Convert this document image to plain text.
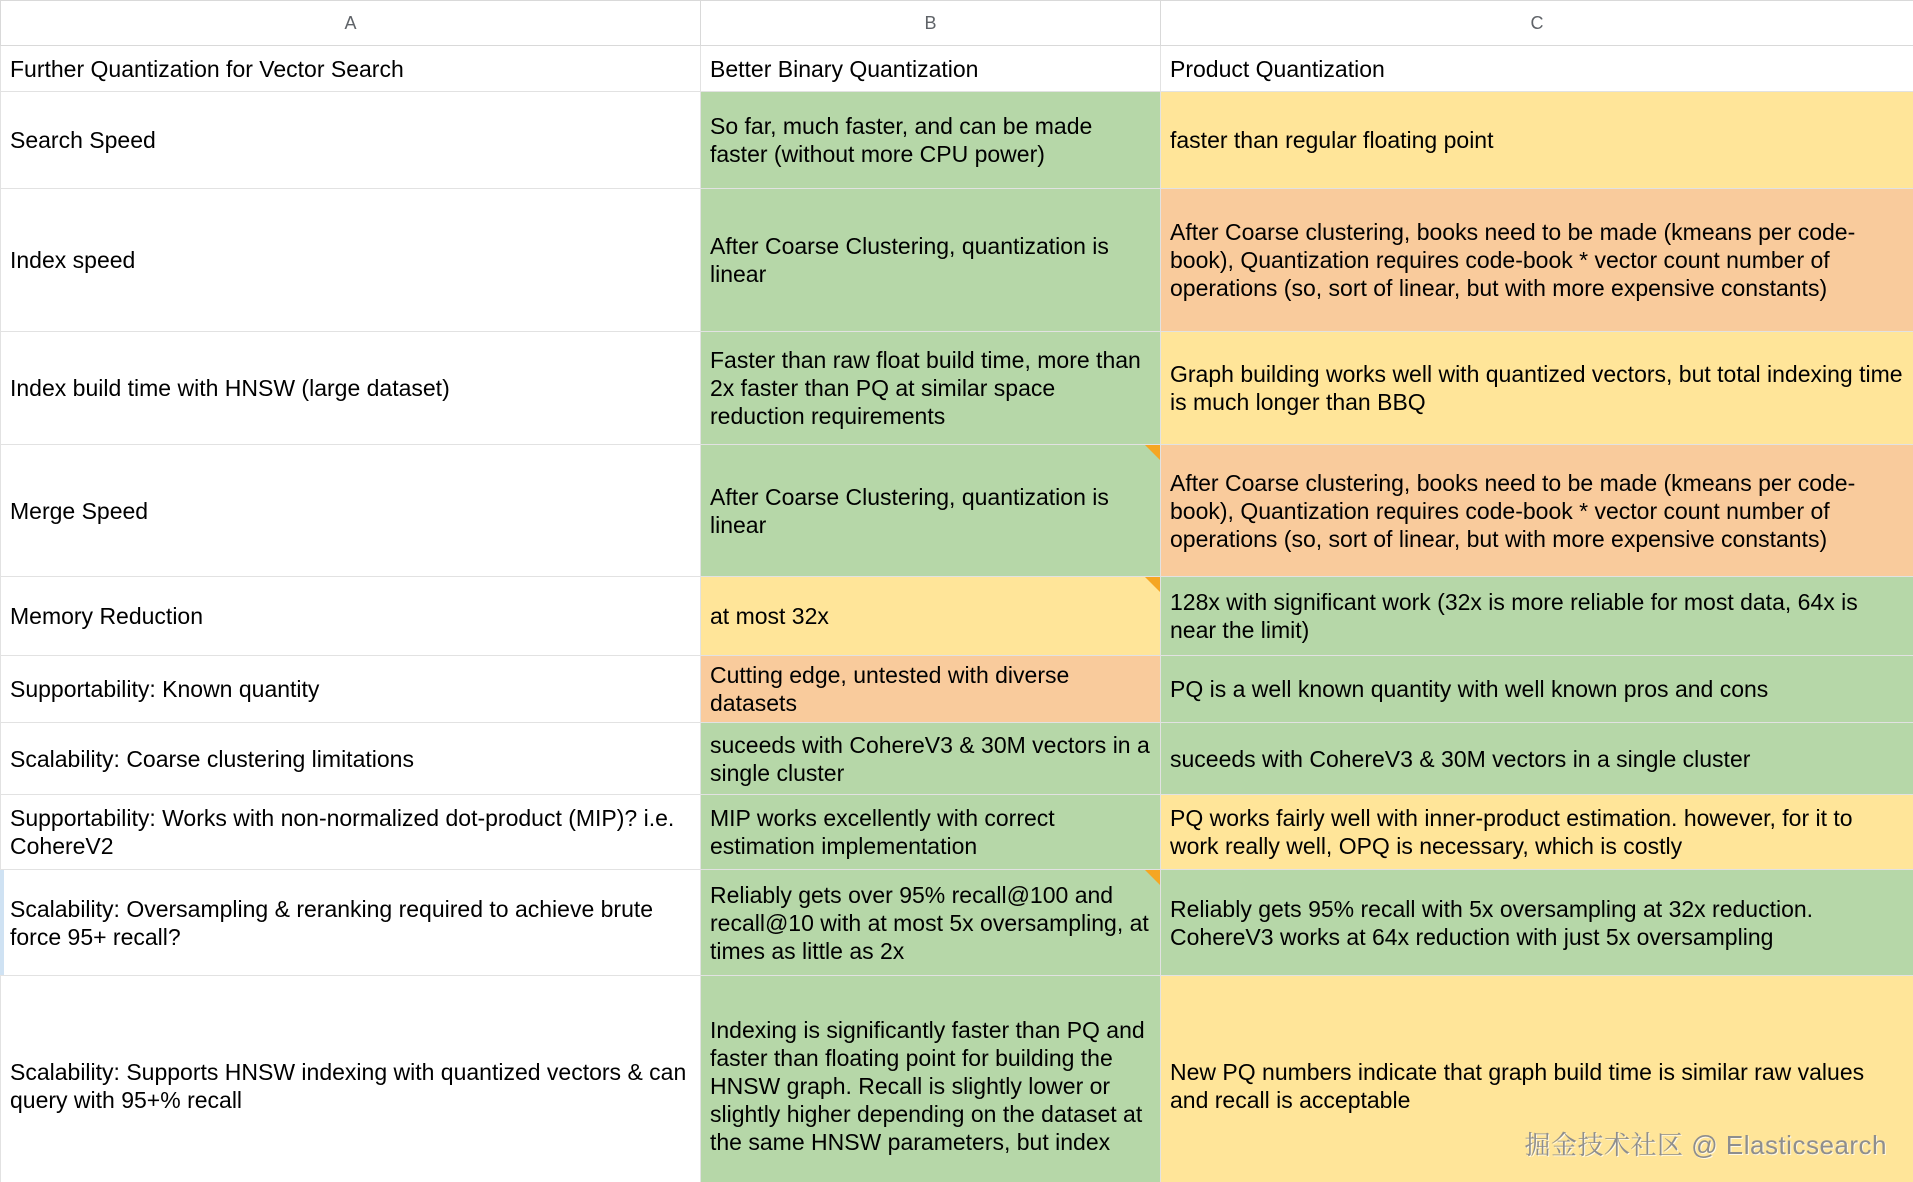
A	B	C
Further Quantization for Vector Search	Better Binary Quantization	Product Quantization
Search Speed	So far, much faster, and can be made faster (without more CPU power)	faster than regular floating point
Index speed	After Coarse Clustering, quantization is linear	After Coarse clustering, books need to be made (kmeans per code-book), Quantization requires code-book * vector count number of operations (so, sort of linear, but with more expensive constants)
Index build time with HNSW (large dataset)	Faster than raw float build time, more than 2x faster than PQ at similar space reduction requirements	Graph building works well with quantized vectors, but total indexing time is much longer than BBQ
Merge Speed	After Coarse Clustering, quantization is linear	After Coarse clustering, books need to be made (kmeans per code-book), Quantization requires code-book * vector count number of operations (so, sort of linear, but with more expensive constants)
Memory Reduction	at most 32x	128x with significant work (32x is more reliable for most data, 64x is near the limit)
Supportability: Known quantity	Cutting edge, untested with diverse datasets	PQ is a well known quantity with well known pros and cons
Scalability: Coarse clustering limitations	suceeds with CohereV3 & 30M vectors in a single cluster	suceeds with CohereV3 & 30M vectors in a single cluster
Supportability: Works with non-normalized dot-product (MIP)? i.e. CohereV2	MIP works excellently with correct estimation implementation	PQ works fairly well with inner-product estimation. however, for it to work really well, OPQ is necessary, which is costly
Scalability: Oversampling & reranking required to achieve brute force 95+ recall?	Reliably gets over 95% recall@100 and recall@10 with at most 5x oversampling, at times as little as 2x	Reliably gets 95% recall with 5x oversampling at 32x reduction. CohereV3 works at 64x reduction with just 5x oversampling
Scalability: Supports HNSW indexing with quantized vectors & can query with 95+% recall	Indexing is significantly faster than PQ and faster than floating point for building the HNSW graph. Recall is slightly lower or slightly higher depending on the dataset at the same HNSW parameters, but index	New PQ numbers indicate that graph build time is similar raw values and recall is acceptable
掘金技术社区 @ Elasticsearch
